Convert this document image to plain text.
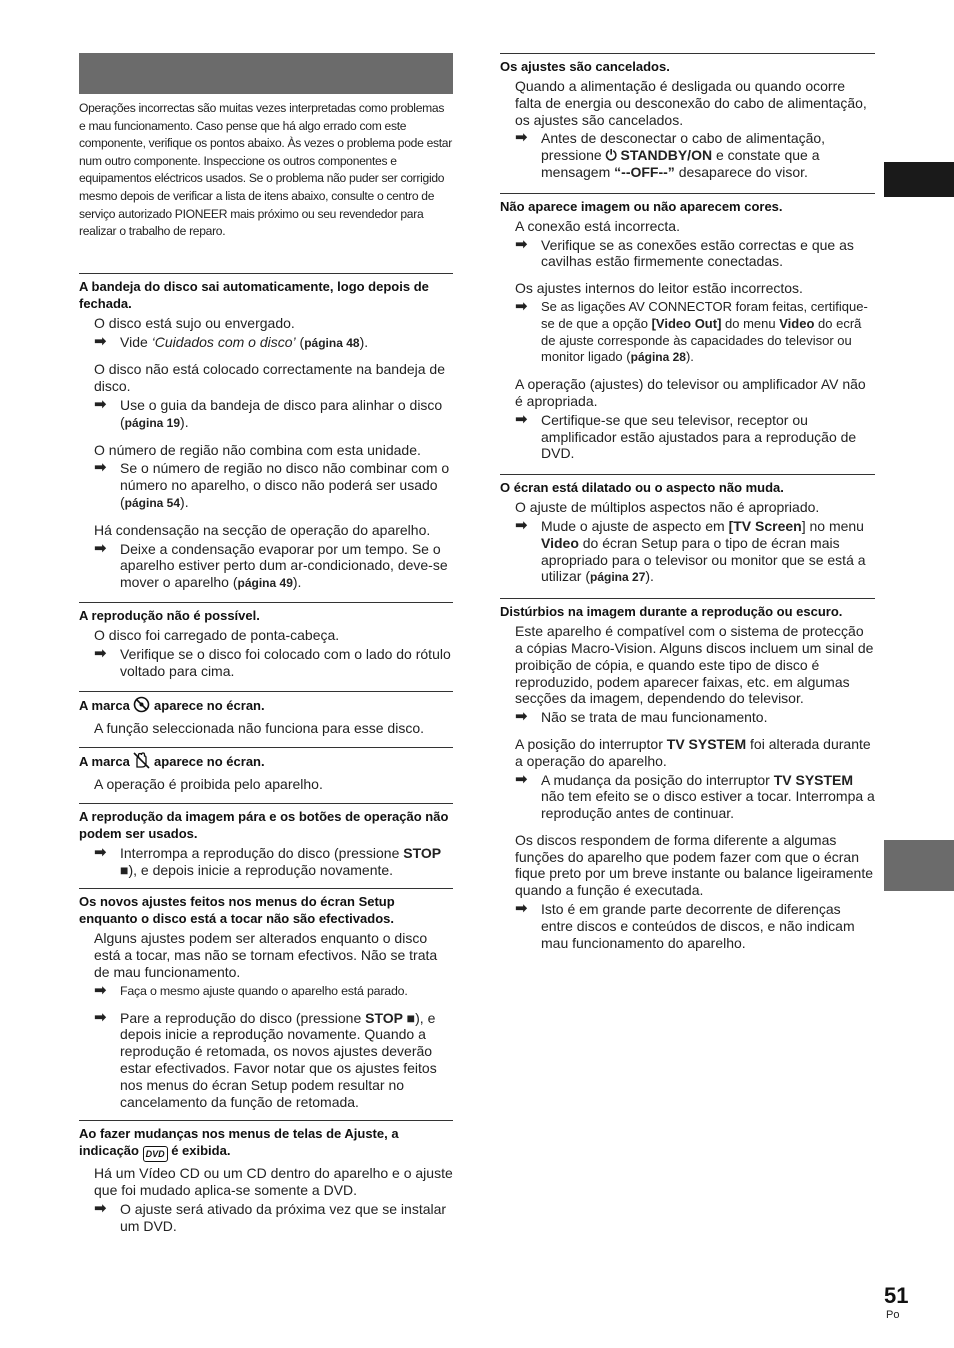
Operações incorrectas são muitas vezes interpretadas como problemas e mau funcionamento. Caso pense que há algo errado com este componente, verifique os pontos abaixo. Às vezes o problema pode estar num outro componente. Inspeccione os outros componentes e equipamentos eléctricos usados. Se o problema não puder ser corrigido mesmo depois de verificar a lista de itens abaixo, consulte o centro de serviço autorizado PIONEER mais próximo ou seu revendedor para realizar o trabalho de reparo.

A bandeja do disco sai automaticamente, logo depois de fechada.

O disco está sujo ou envergado.

➡ Vide ‘Cuidados com o disco’ (página 48).

O disco não está colocado correctamente na bandeja de disco.

➡ Use o guia da bandeja de disco para alinhar o disco (página 19).

O número de região não combina com esta unidade.

➡ Se o número de região no disco não combinar com o número no aparelho, o disco não poderá ser usado (página 54).

Há condensação na secção de operação do aparelho.

➡ Deixe a condensação evaporar por um tempo. Se o aparelho estiver perto dum ar-condicionado, deve-se mover o aparelho (página 49).

A reprodução não é possível.

O disco foi carregado de ponta-cabeça.

➡ Verifique se o disco foi colocado com o lado do rótulo voltado para cima.

A marca  aparece no écran.

A função seleccionada não funciona para esse disco.

A marca  aparece no écran.

A operação é proibida pelo aparelho.

A reprodução da imagem pára e os botões de operação não podem ser usados.

➡ Interrompa a reprodução do disco (pressione STOP ■), e depois inicie a reprodução novamente.

Os novos ajustes feitos nos menus do écran Setup enquanto o disco está a tocar não são efectivados.

Alguns ajustes podem ser alterados enquanto o disco está a tocar, mas não se tornam efectivos. Não se trata de mau funcionamento.

➡	Faça o mesmo ajuste quando o aparelho está parado.
➡ Pare a reprodução do disco (pressione STOP ■), e depois inicie a reprodução novamente. Quando a reprodução é retomada, os novos ajustes deverão estar efectivados. Favor notar que os ajustes feitos nos menus do écran Setup podem resultar no cancelamento da função de retomada.

Ao fazer mudanças nos menus de telas de Ajuste, a indicação DVD é exibida.

Há um Vídeo CD ou um CD dentro do aparelho e o ajuste que foi mudado aplica-se somente a DVD.

➡ O ajuste será ativado da próxima vez que se instalar um DVD.

Os ajustes são cancelados.

Quando a alimentação é desligada ou quando ocorre falta de energia ou desconexão do cabo de alimentação, os ajustes são cancelados.

➡ Antes de desconectar o cabo de alimentação, pressione ⏻ STANDBY/ON e constate que a mensagem “--OFF--” desaparece do visor.

Não aparece imagem ou não aparecem cores.

A conexão está incorrecta.

➡ Verifique se as conexões estão correctas e que as cavilhas estão firmemente conectadas.

Os ajustes internos do leitor estão incorrectos.

➡	Se as ligações AV CONNECTOR foram feitas, certifique-se de que a opção [Video Out] do menu Video do ecrã de ajuste corresponde às capacidades do televisor ou monitor ligado (página 28).

A operação (ajustes) do televisor ou amplificador AV não é apropriada.

➡ Certifique-se que seu televisor, receptor ou amplificador estão ajustados para a reprodução de DVD.

O écran está dilatado ou o aspecto não muda.

O ajuste de múltiplos aspectos não é apropriado.

➡ Mude o ajuste de aspecto em [TV Screen] no menu Video do écran Setup para o tipo de écran mais apropriado para o televisor ou monitor que se está a utilizar (página 27).

Distúrbios na imagem durante a reprodução ou escuro.

Este aparelho é compatível com o sistema de protecção a cópias Macro-Vision. Alguns discos incluem um sinal de proibição de cópia, e quando este tipo de disco é reproduzido, podem aparecer faixas, etc. em algumas secções da imagem, dependendo do televisor.

➡ Não se trata de mau funcionamento.

A posição do interruptor TV SYSTEM foi alterada durante a operação do aparelho.

➡ A mudança da posição do interruptor TV SYSTEM não tem efeito se o disco estiver a tocar. Interrompa a reprodução antes de continuar.

Os discos respondem de forma diferente a algumas funções do aparelho que podem fazer com que o écran fique preto por um breve instante ou balance ligeiramente quando a função é executada.

➡ Isto é em grande parte decorrente de diferenças entre discos e conteúdos de discos, e não indicam mau funcionamento do aparelho.
51
Po
